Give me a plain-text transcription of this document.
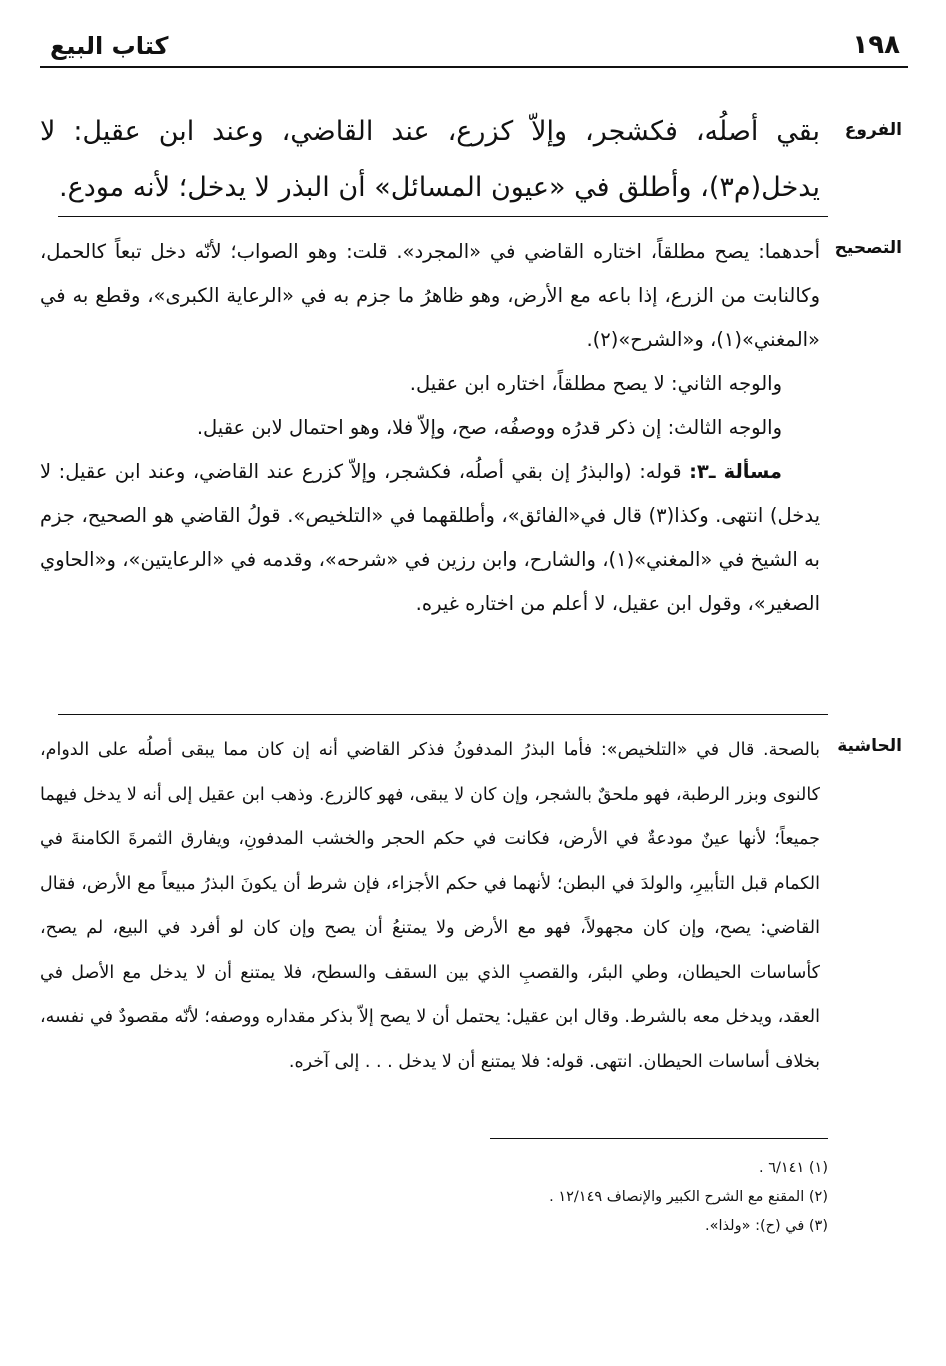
١٩٨
كتاب البيع
الفروع

بقي أصلُه، فكشجر، وإلاّ كزرع، عند القاضي، وعند ابن عقيل: لا يدخل(م٣)، وأطلق في «عيون المسائل» أن البذر لا يدخل؛ لأنه مودع.

التصحيح

أحدهما: يصح مطلقاً، اختاره القاضي في «المجرد». قلت: وهو الصواب؛ لأنّه دخل تبعاً كالحمل، وكالنابت من الزرع، إذا باعه مع الأرض، وهو ظاهرُ ما جزم به في «الرعاية الكبرى»، وقطع به في «المغني»(١)، و«الشرح»(٢).

والوجه الثاني: لا يصح مطلقاً، اختاره ابن عقيل.

والوجه الثالث: إن ذكر قدرُه ووصفُه، صح، وإلاّ فلا، وهو احتمال لابن عقيل.

مسألة ـ٣: قوله: (والبذرُ إن بقي أصلُه، فكشجر، وإلاّ كزرع عند القاضي، وعند ابن عقيل: لا يدخل) انتهى. وكذا(٣) قال في«الفائق»، وأطلقهما في «التلخيص». قولُ القاضي هو الصحيح، جزم به الشيخ في «المغني»(١)، والشارح، وابن رزين في «شرحه»، وقدمه في «الرعايتين»، و«الحاوي الصغير»، وقول ابن عقيل، لا أعلم من اختاره غيره.

الحاشية

بالصحة. قال في «التلخيص»: فأما البذرُ المدفونُ فذكر القاضي أنه إن كان مما يبقى أصلُه على الدوام، كالنوى وبزر الرطبة، فهو ملحقٌ بالشجر، وإن كان لا يبقى، فهو كالزرع. وذهب ابن عقيل إلى أنه لا يدخل فيهما جميعاً؛ لأنها عينٌ مودعةٌ في الأرض، فكانت في حكم الحجر والخشب المدفونِ، ويفارق الثمرةَ الكامنةَ في الكمام قبل التأبيرِ، والولدَ في البطن؛ لأنهما في حكم الأجزاء، فإن شرط أن يكونَ البذرُ مبيعاً مع الأرض، فقال القاضي: يصح، وإن كان مجهولاً، فهو مع الأرض ولا يمتنعُ أن يصح وإن كان لو أفرد في البيع، لم يصح، كأساسات الحيطان، وطي البئر، والقصبِ الذي بين السقف والسطح، فلا يمتنع أن لا يدخل مع الأصل في العقد، ويدخل معه بالشرط. وقال ابن عقيل: يحتمل أن لا يصح إلاّ بذكر مقداره ووصفه؛ لأنّه مقصودٌ في نفسه، بخلاف أساسات الحيطان. انتهى. قوله: فلا يمتنع أن لا يدخل . . . إلى آخره.

(١) ٦/١٤١ .
(٢) المقنع مع الشرح الكبير والإنصاف ١٢/١٤٩ .
(٣) في (ح): «ولذا».
